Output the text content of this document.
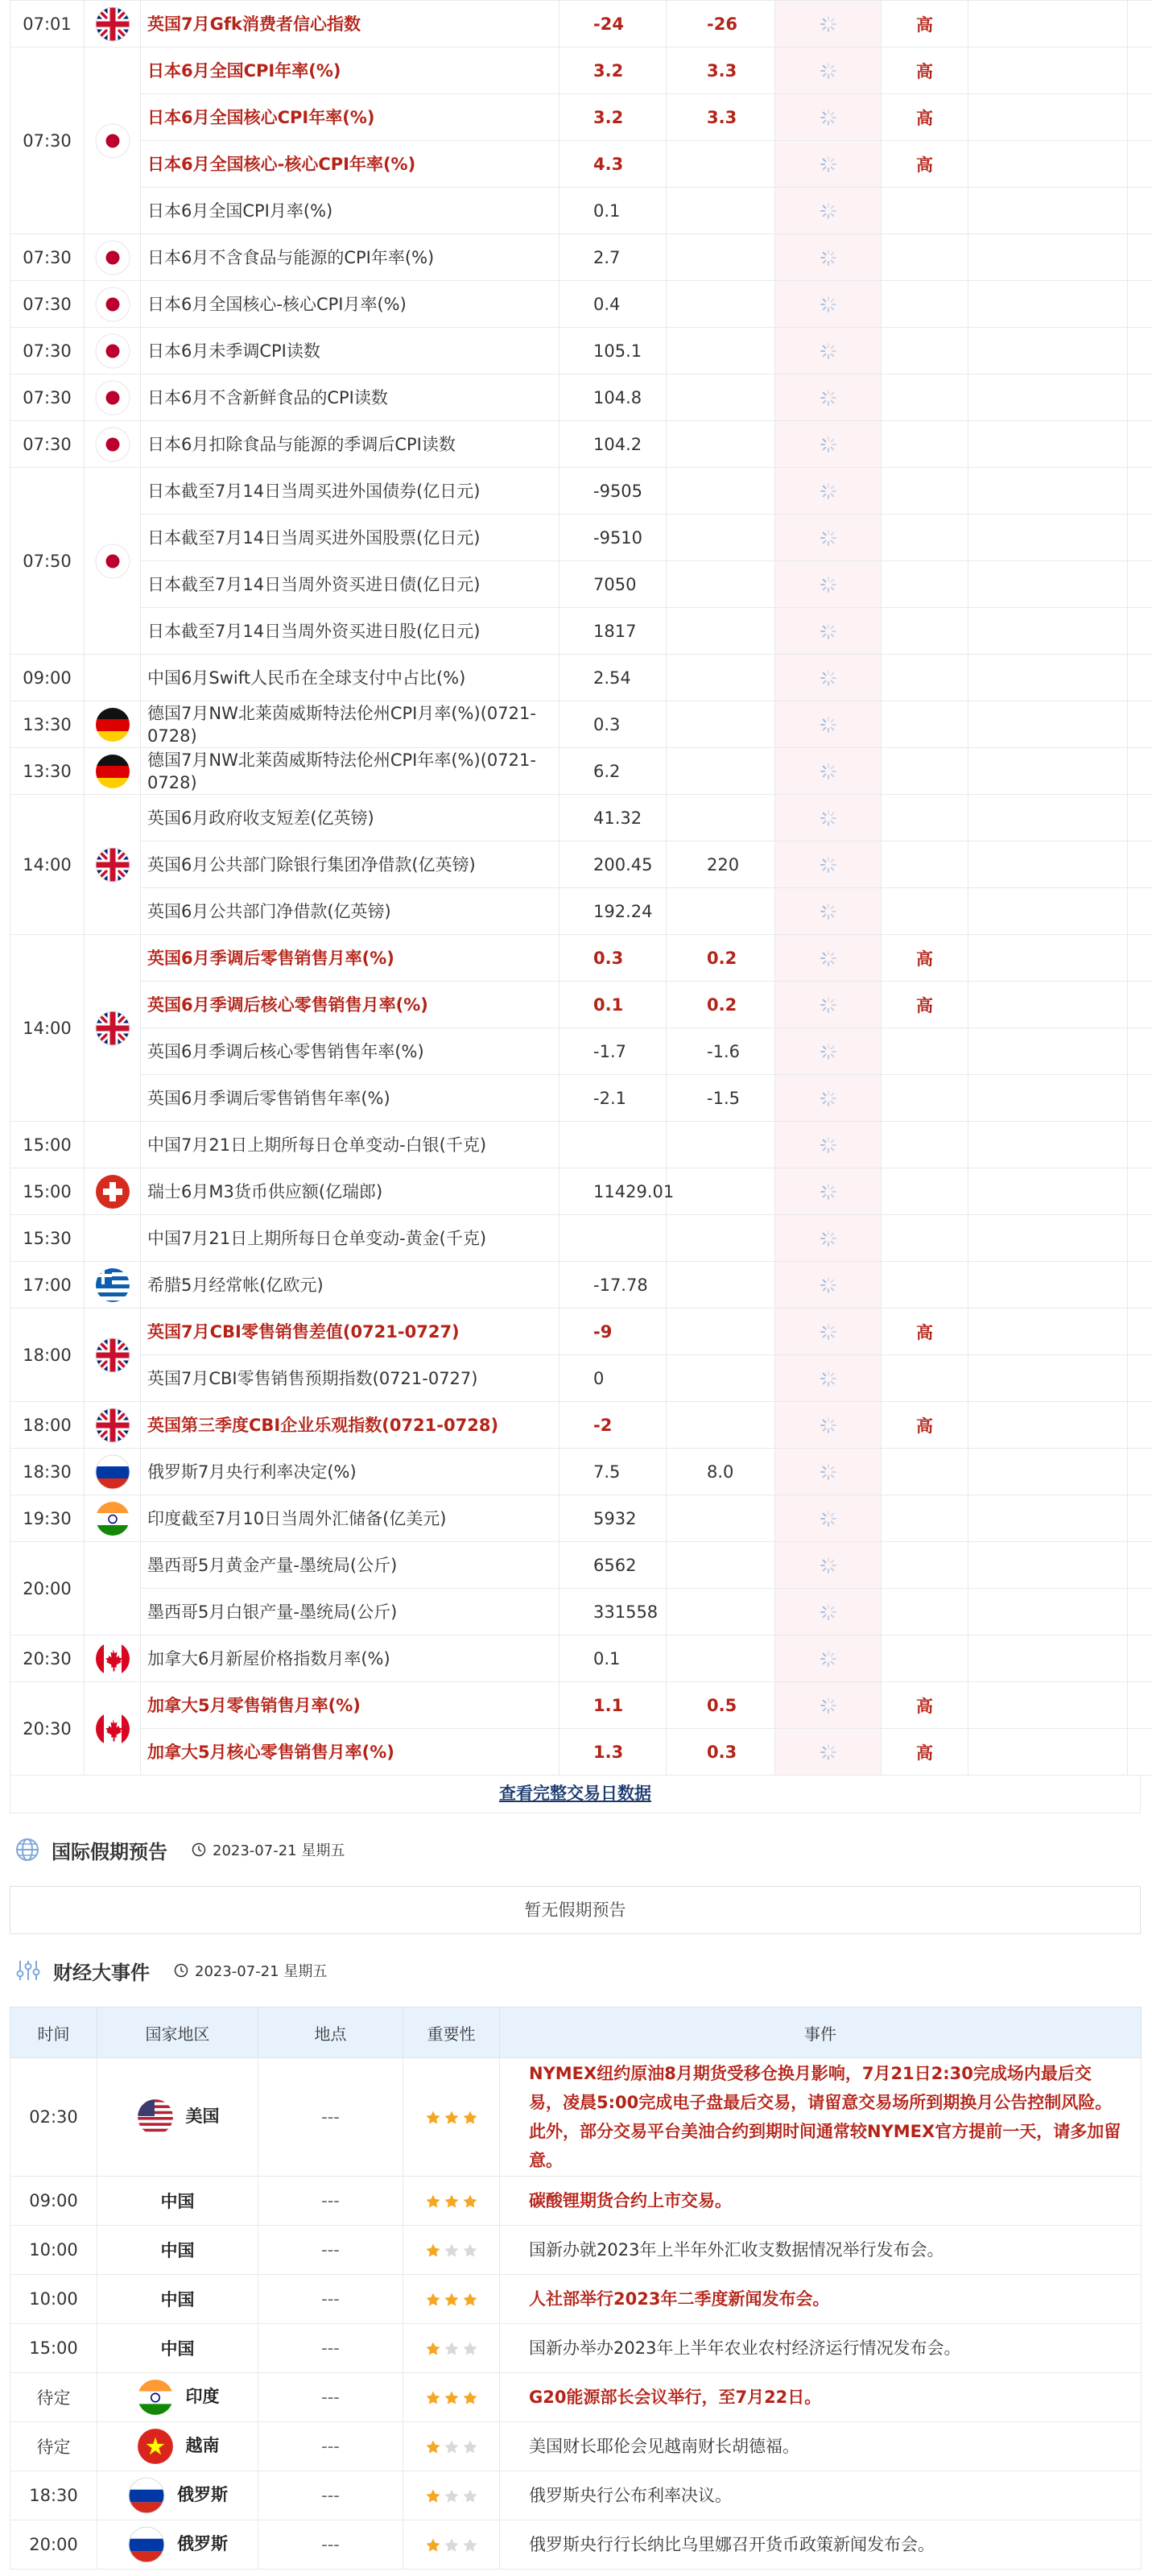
07:01		英国7月Gfk消费者信心指数	-24	-26		高		
07:30		日本6月全国CPI年率(%)	3.2	3.3		高		
		日本6月全国核心CPI年率(%)	3.2	3.3		高		
		日本6月全国核心-核心CPI年率(%)	4.3			高		
		日本6月全国CPI月率(%)	0.1					
07:30		日本6月不含食品与能源的CPI年率(%)	2.7					
07:30		日本6月全国核心-核心CPI月率(%)	0.4					
07:30		日本6月未季调CPI读数	105.1					
07:30		日本6月不含新鲜食品的CPI读数	104.8					
07:30		日本6月扣除食品与能源的季调后CPI读数	104.2					
07:50		日本截至7月14日当周买进外国债券(亿日元)	-9505					
		日本截至7月14日当周买进外国股票(亿日元)	-9510					
		日本截至7月14日当周外资买进日债(亿日元)	7050					
		日本截至7月14日当周外资买进日股(亿日元)	1817					
09:00		中国6月Swift人民币在全球支付中占比(%)	2.54					
13:30		德国7月NW北莱茵威斯特法伦州CPI月率(%)(0721-0728)	0.3					
13:30		德国7月NW北莱茵威斯特法伦州CPI年率(%)(0721-0728)	6.2					
14:00		英国6月政府收支短差(亿英镑)	41.32					
		英国6月公共部门除银行集团净借款(亿英镑)	200.45	220				
		英国6月公共部门净借款(亿英镑)	192.24					
14:00		英国6月季调后零售销售月率(%)	0.3	0.2		高		
		英国6月季调后核心零售销售月率(%)	0.1	0.2		高		
		英国6月季调后核心零售销售年率(%)	-1.7	-1.6				
		英国6月季调后零售销售年率(%)	-2.1	-1.5				
15:00		中国7月21日上期所每日仓单变动-白银(千克)						
15:00		瑞士6月M3货币供应额(亿瑞郎)	11429.01					
15:30		中国7月21日上期所每日仓单变动-黄金(千克)						
17:00		希腊5月经常帐(亿欧元)	-17.78					
18:00		英国7月CBI零售销售差值(0721-0727)	-9			高		
		英国7月CBI零售销售预期指数(0721-0727)	0					
18:00		英国第三季度CBI企业乐观指数(0721-0728)	-2			高		
18:30		俄罗斯7月央行利率决定(%)	7.5	8.0				
19:30		印度截至7月10日当周外汇储备(亿美元)	5932					
20:00		墨西哥5月黄金产量-墨统局(公斤)	6562					
		墨西哥5月白银产量-墨统局(公斤)	331558					
20:30		加拿大6月新屋价格指数月率(%)	0.1					
20:30		加拿大5月零售销售月率(%)	1.1	0.5		高		
		加拿大5月核心零售销售月率(%)	1.3	0.3		高		
查看完整交易日数据
国际假期预告	2023-07-21 星期五
暂无假期预告
财经大事件	2023-07-21 星期五
时间	国家地区	地点	重要性	事件
02:30	美国	---		NYMEX纽约原油8月期货受移仓换月影响，7月21日2:30完成场内最后交易，凌晨5:00完成电子盘最后交易，请留意交易场所到期换月公告控制风险。此外，部分交易平台美油合约到期时间通常较NYMEX官方提前一天，请多加留意。
09:00	中国	---		碳酸锂期货合约上市交易。
10:00	中国	---		国新办就2023年上半年外汇收支数据情况举行发布会。
10:00	中国	---		人社部举行2023年二季度新闻发布会。
15:00	中国	---		国新办举办2023年上半年农业农村经济运行情况发布会。
待定	印度	---		G20能源部长会议举行，至7月22日。
待定	越南	---		美国财长耶伦会见越南财长胡德福。
18:30	俄罗斯	---		俄罗斯央行公布利率决议。
20:00	俄罗斯	---		俄罗斯央行行长纳比乌里娜召开货币政策新闻发布会。
